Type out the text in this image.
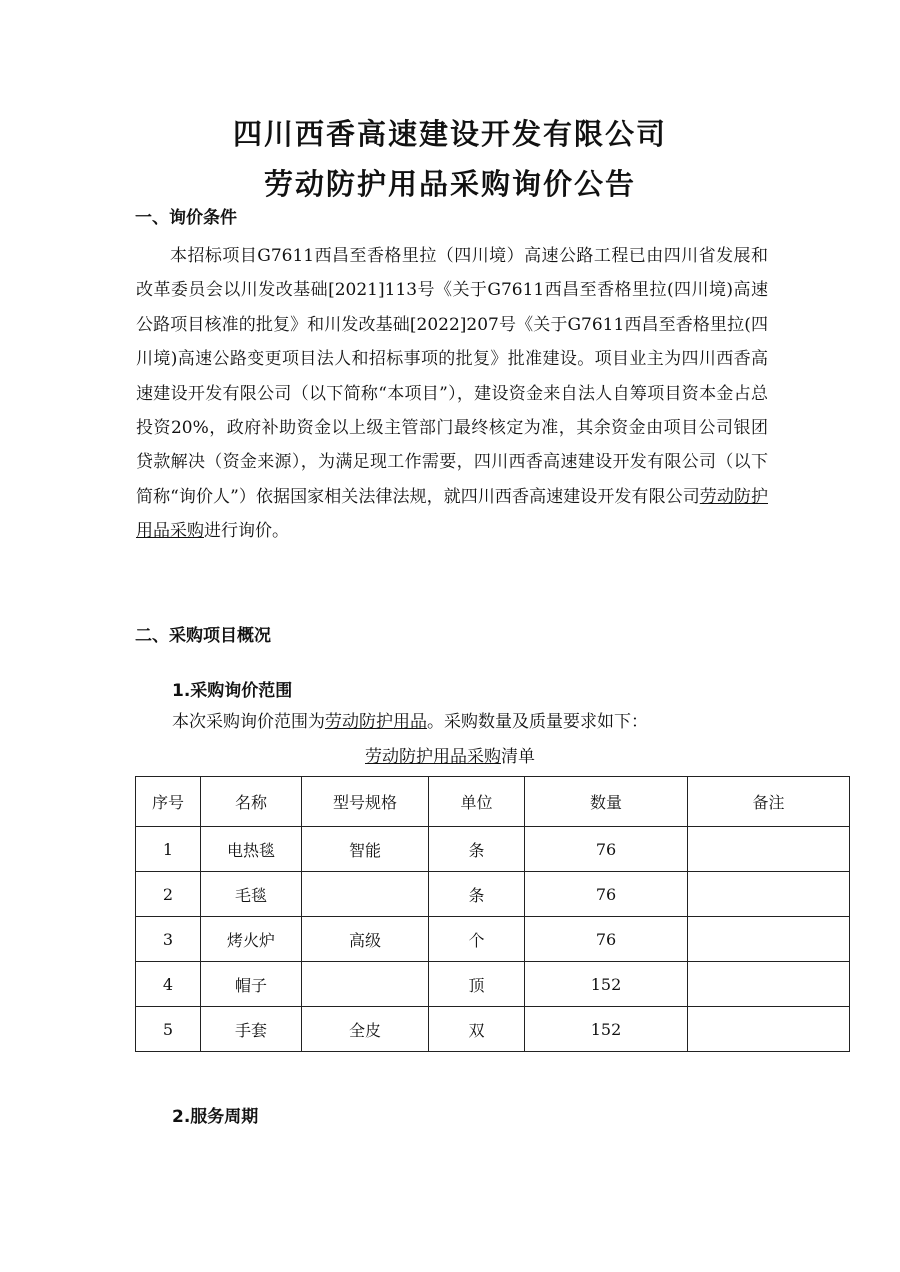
四川西香高速建设开发有限公司
劳动防护用品采购询价公告
一、询价条件
本招标项目G7611西昌至香格里拉（四川境）高速公路工程已由四川省发展和改革委员会以川发改基础[2021]113号《关于G7611西昌至香格里拉(四川境)高速公路项目核准的批复》和川发改基础[2022]207号《关于G7611西昌至香格里拉(四川境)高速公路变更项目法人和招标事项的批复》批准建设。项目业主为四川西香高速建设开发有限公司（以下简称“本项目”），建设资金来自法人自筹项目资本金占总投资20%，政府补助资金以上级主管部门最终核定为准，其余资金由项目公司银团贷款解决（资金来源），为满足现工作需要，四川西香高速建设开发有限公司（以下简称“询价人”）依据国家相关法律法规，就四川西香高速建设开发有限公司劳动防护用品采购进行询价。
二、采购项目概况
1.采购询价范围
本次采购询价范围为劳动防护用品。采购数量及质量要求如下：
劳动防护用品采购清单
序号	名称	型号规格	单位	数量	备注
1	电热毯	智能	条	76	
2	毛毯		条	76	
3	烤火炉	高级	个	76	
4	帽子		顶	152	
5	手套	全皮	双	152	
2.服务周期
